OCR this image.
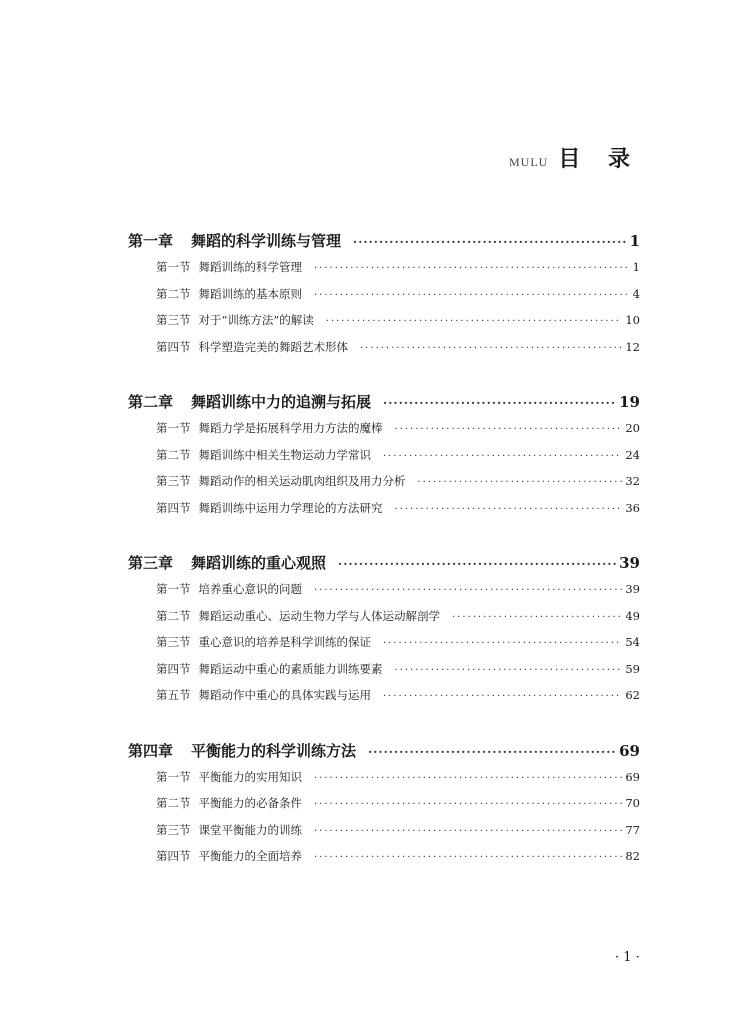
MULU 目 录
第一章 舞蹈的科学训练与管理 ·····	1
第一节 舞蹈训练的科学管理 ·····	1
第二节 舞蹈训练的基本原则 ·····	4
第三节 对于“训练方法”的解读 ·····	10
第四节 科学塑造完美的舞蹈艺术形体 ·····	12
第二章 舞蹈训练中力的追溯与拓展 ·····	19
第一节 舞蹈力学是拓展科学用力方法的魔棒 ·····	20
第二节 舞蹈训练中相关生物运动力学常识 ·····	24
第三节 舞蹈动作的相关运动肌肉组织及用力分析 ·····	32
第四节 舞蹈训练中运用力学理论的方法研究 ·····	36
第三章 舞蹈训练的重心观照 ·····	39
第一节 培养重心意识的问题 ·····	39
第二节 舞蹈运动重心、运动生物力学与人体运动解剖学 ·····	49
第三节 重心意识的培养是科学训练的保证 ·····	54
第四节 舞蹈运动中重心的素质能力训练要素 ·····	59
第五节 舞蹈动作中重心的具体实践与运用 ·····	62
第四章 平衡能力的科学训练方法 ·····	69
第一节 平衡能力的实用知识 ·····	69
第二节 平衡能力的必备条件 ·····	70
第三节 课堂平衡能力的训练 ·····	77
第四节 平衡能力的全面培养 ·····	82
· 1 ·
